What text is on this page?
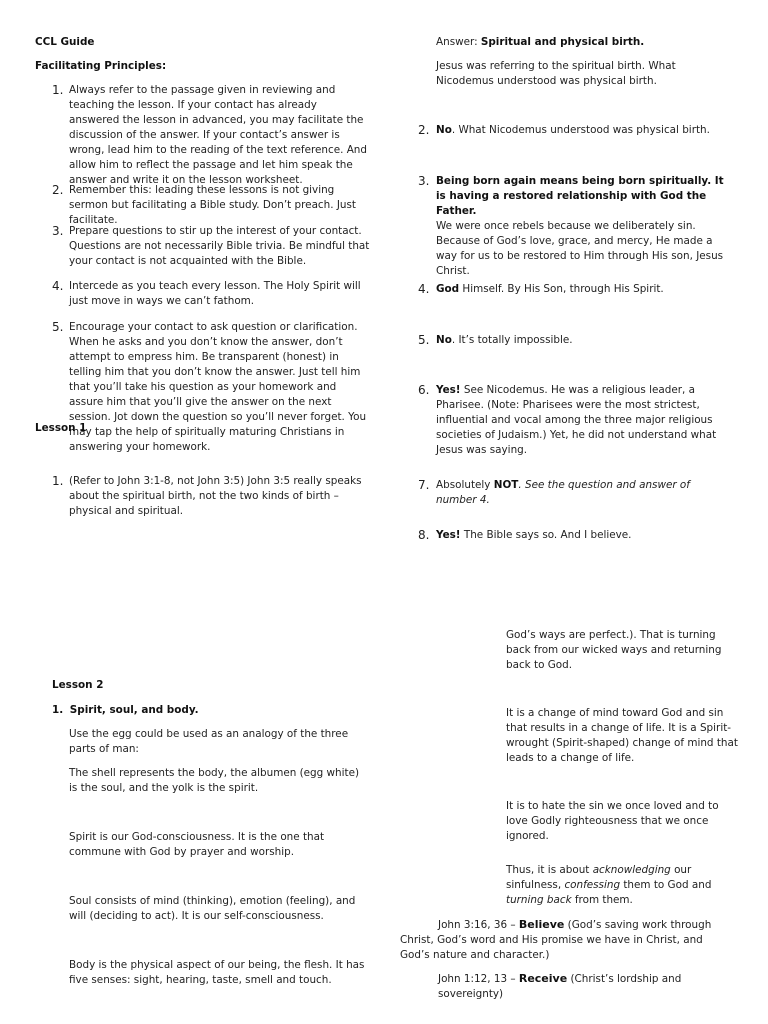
CCL Guide
Facilitating Principles:
1. Always refer to the passage given in reviewing and teaching the lesson. If your contact has already answered the lesson in advanced, you may facilitate the discussion of the answer. If your contact’s answer is wrong, lead him to the reading of the text reference. And allow him to reflect the passage and let him speak the answer and write it on the lesson worksheet.
2. Remember this: leading these lessons is not giving sermon but facilitating a Bible study. Don’t preach. Just facilitate.
3. Prepare questions to stir up the interest of your contact. Questions are not necessarily Bible trivia. Be mindful that your contact is not acquainted with the Bible.
4. Intercede as you teach every lesson. The Holy Spirit will just move in ways we can’t fathom.
5. Encourage your contact to ask question or clarification. When he asks and you don’t know the answer, don’t attempt to empress him. Be transparent (honest) in telling him that you don’t know the answer. Just tell him that you’ll take his question as your homework and assure him that you’ll give the answer on the next session. Jot down the question so you’ll never forget. You may tap the help of spiritually maturing Christians in answering your homework.
Lesson 1
1. (Refer to John 3:1-8, not John 3:5) John 3:5 really speaks about the spiritual birth, not the two kinds of birth – physical and spiritual.
Answer: Spiritual and physical birth.
Jesus was referring to the spiritual birth. What Nicodemus understood was physical birth.
2. No. What Nicodemus understood was physical birth.
3. Being born again means being born spiritually. It is having a restored relationship with God the Father.
We were once rebels because we deliberately sin. Because of God’s love, grace, and mercy, He made a way for us to be restored to Him through His son, Jesus Christ.
4. God Himself. By His Son, through His Spirit.
5. No. It’s totally impossible.
6. Yes! See Nicodemus. He was a religious leader, a Pharisee. (Note: Pharisees were the most strictest, influential and vocal among the three major religious societies of Judaism.) Yet, he did not understand what Jesus was saying.
7. Absolutely NOT. See the question and answer of number 4.
8. Yes! The Bible says so. And I believe.
Lesson 2
1. Spirit, soul, and body.
Use the egg could be used as an analogy of the three parts of man:
The shell represents the body, the albumen (egg white) is the soul, and the yolk is the spirit.
Spirit is our God-consciousness. It is the one that commune with God by prayer and worship.
Soul consists of mind (thinking), emotion (feeling), and will (deciding to act). It is our self-consciousness.
Body is the physical aspect of our being, the flesh. It has five senses: sight, hearing, taste, smell and touch.
God’s ways are perfect.). That is turning back from our wicked ways and returning back to God.
It is a change of mind toward God and sin that results in a change of life. It is a Spirit-wrought (Spirit-shaped) change of mind that leads to a change of life.
It is to hate the sin we once loved and to love Godly righteousness that we once ignored.
Thus, it is about acknowledging our sinfulness, confessing them to God and turning back from them.
John 3:16, 36 – Believe (God’s saving work through Christ, God’s word and His promise we have in Christ, and God’s nature and character.)
John 1:12, 13 – Receive (Christ’s lordship and sovereignty)
